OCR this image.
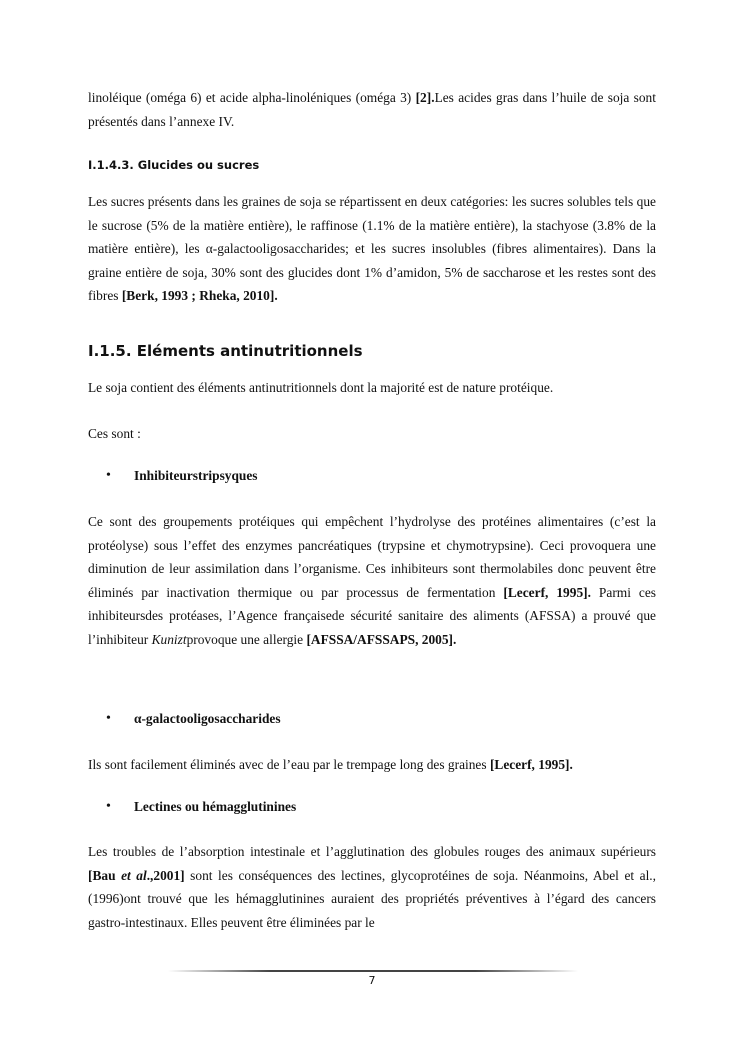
linoléique (oméga 6) et acide alpha-linoléniques (oméga 3) [2].Les acides gras dans l’huile de soja sont présentés dans l’annexe IV.

I.1.4.3. Glucides ou sucres

Les sucres présents dans les graines de soja se répartissent en deux catégories: les sucres solubles tels que le sucrose (5% de la matière entière), le raffinose (1.1% de la matière entière), la stachyose (3.8% de la matière entière), les α-galactooligosaccharides; et les sucres insolubles (fibres alimentaires). Dans la graine entière de soja, 30% sont des glucides dont 1% d’amidon, 5% de saccharose et les restes sont des fibres [Berk, 1993 ; Rheka, 2010].

I.1.5. Eléments antinutritionnels

Le soja contient des éléments antinutritionnels dont la majorité est de nature protéique.

Ces sont :

• Inhibiteurstripsyques

Ce sont des groupements protéiques qui empêchent l’hydrolyse des protéines alimentaires (c’est la protéolyse) sous l’effet des enzymes pancréatiques (trypsine et chymotrypsine). Ceci provoquera une diminution de leur assimilation dans l’organisme. Ces inhibiteurs sont thermolabiles donc peuvent être éliminés par inactivation thermique ou par processus de fermentation [Lecerf, 1995]. Parmi ces inhibiteursdes protéases, l’Agence françaisede sécurité sanitaire des aliments (AFSSA) a prouvé que l’inhibiteur Kuniztprovoque une allergie [AFSSA/AFSSAPS, 2005].

• α-galactooligosaccharides

Ils sont facilement éliminés avec de l’eau par le trempage long des graines [Lecerf, 1995].

• Lectines ou hémagglutinines

Les troubles de l’absorption intestinale et l’agglutination des globules rouges des animaux supérieurs [Bau et al.,2001] sont les conséquences des lectines, glycoprotéines de soja. Néanmoins, Abel et al.,(1996)ont trouvé que les hémagglutinines auraient des propriétés préventives à l’égard des cancers gastro-intestinaux. Elles peuvent être éliminées par le

7
